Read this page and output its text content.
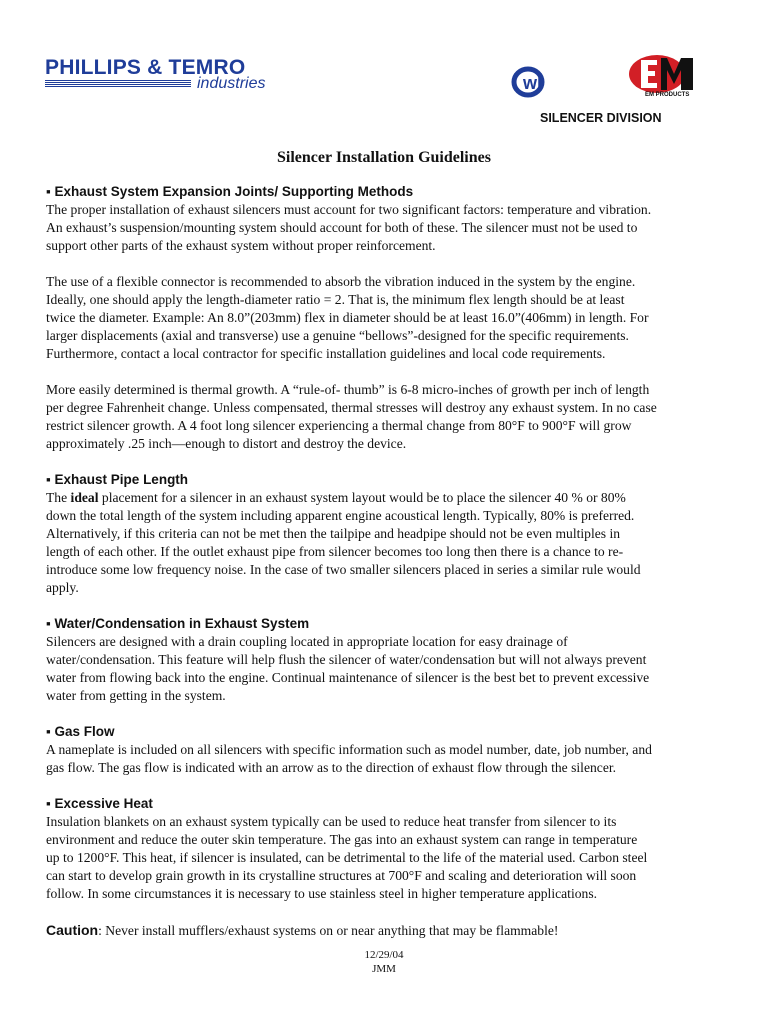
PHILLIPS & TEMRO
industries	wl
EM PRODUCTS
SILENCER DIVISION
Silencer Installation Guidelines
▪ Exhaust System Expansion Joints/ Supporting Methods

The proper installation of exhaust silencers must account for two significant factors: temperature and vibration.
An exhaust’s suspension/mounting system should account for both of these. The silencer must not be used to
support other parts of the exhaust system without proper reinforcement.

The use of a flexible connector is recommended to absorb the vibration induced in the system by the engine.
Ideally, one should apply the length-diameter ratio = 2. That is, the minimum flex length should be at least
twice the diameter. Example: An 8.0”(203mm) flex in diameter should be at least 16.0”(406mm) in length. For
larger displacements (axial and transverse) use a genuine “bellows”-designed for the specific requirements.
Furthermore, contact a local contractor for specific installation guidelines and local code requirements.

More easily determined is thermal growth. A “rule-of- thumb” is 6-8 micro-inches of growth per inch of length
per degree Fahrenheit change. Unless compensated, thermal stresses will destroy any exhaust system. In no case
restrict silencer growth. A 4 foot long silencer experiencing a thermal change from 80°F to 900°F will grow
approximately .25 inch—enough to distort and destroy the device.

▪ Exhaust Pipe Length

The ideal placement for a silencer in an exhaust system layout would be to place the silencer 40 % or 80%
down the total length of the system including apparent engine acoustical length. Typically, 80% is preferred.
Alternatively, if this criteria can not be met then the tailpipe and headpipe should not be even multiples in
length of each other. If the outlet exhaust pipe from silencer becomes too long then there is a chance to re-
introduce some low frequency noise. In the case of two smaller silencers placed in series a similar rule would
apply.

▪ Water/Condensation in Exhaust System

Silencers are designed with a drain coupling located in appropriate location for easy drainage of
water/condensation. This feature will help flush the silencer of water/condensation but will not always prevent
water from flowing back into the engine. Continual maintenance of silencer is the best bet to prevent excessive
water from getting in the system.

▪ Gas Flow

A nameplate is included on all silencers with specific information such as model number, date, job number, and
gas flow. The gas flow is indicated with an arrow as to the direction of exhaust flow through the silencer.

▪ Excessive Heat

Insulation blankets on an exhaust system typically can be used to reduce heat transfer from silencer to its
environment and reduce the outer skin temperature. The gas into an exhaust system can range in temperature
up to 1200°F. This heat, if silencer is insulated, can be detrimental to the life of the material used. Carbon steel
can start to develop grain growth in its crystalline structures at 700°F and scaling and deterioration will soon
follow. In some circumstances it is necessary to use stainless steel in higher temperature applications.

Caution: Never install mufflers/exhaust systems on or near anything that may be flammable!

12/29/04
JMM
